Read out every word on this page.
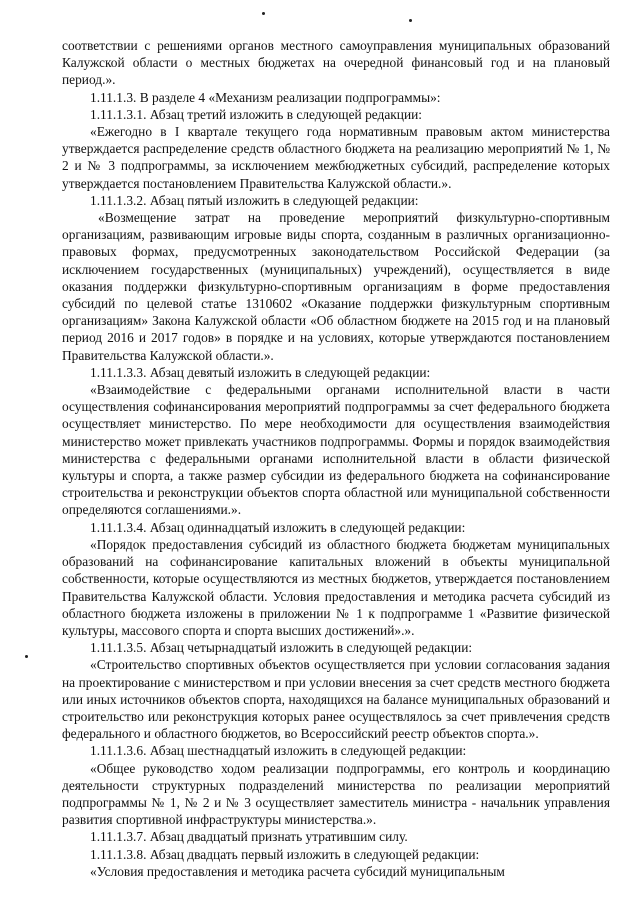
соответствии с решениями органов местного самоуправления муниципальных образований Калужской области о местных бюджетах на очередной финансовый год и на плановый период.».

1.11.1.3. В разделе 4 «Механизм реализации подпрограммы»:

1.11.1.3.1. Абзац третий изложить в следующей редакции:

«Ежегодно в I квартале текущего года нормативным правовым актом министерства утверждается распределение средств областного бюджета на реализацию мероприятий № 1, № 2 и № 3 подпрограммы, за исключением межбюджетных субсидий, распределение которых утверждается постановлением Правительства Калужской области.».

1.11.1.3.2. Абзац пятый изложить в следующей редакции:

«Возмещение затрат на проведение мероприятий физкультурно-спортивным организациям, развивающим игровые виды спорта, созданным в различных организационно-правовых формах, предусмотренных законодательством Российской Федерации (за исключением государственных (муниципальных) учреждений), осуществляется в виде оказания поддержки физкультурно-спортивным организациям в форме предоставления субсидий по целевой статье 1310602 «Оказание поддержки физкультурным спортивным организациям» Закона Калужской области «Об областном бюджете на 2015 год и на плановый период 2016 и 2017 годов» в порядке и на условиях, которые утверждаются постановлением Правительства Калужской области.».

1.11.1.3.3. Абзац девятый изложить в следующей редакции:

«Взаимодействие с федеральными органами исполнительной власти в части осуществления софинансирования мероприятий подпрограммы за счет федерального бюджета осуществляет министерство. По мере необходимости для осуществления взаимодействия министерство может привлекать участников подпрограммы. Формы и порядок взаимодействия министерства с федеральными органами исполнительной власти в области физической культуры и спорта, а также размер субсидии из федерального бюджета на софинансирование строительства и реконструкции объектов спорта областной или муниципальной собственности определяются соглашениями.».

1.11.1.3.4. Абзац одиннадцатый изложить в следующей редакции:

«Порядок предоставления субсидий из областного бюджета бюджетам муниципальных образований на софинансирование капитальных вложений в объекты муниципальной собственности, которые осуществляются из местных бюджетов, утверждается постановлением Правительства Калужской области. Условия предоставления и методика расчета субсидий из областного бюджета изложены в приложении № 1 к подпрограмме 1 «Развитие физической культуры, массового спорта и спорта высших достижений».».

1.11.1.3.5. Абзац четырнадцатый изложить в следующей редакции:

«Строительство спортивных объектов осуществляется при условии согласования задания на проектирование с министерством и при условии внесения за счет средств местного бюджета или иных источников объектов спорта, находящихся на балансе муниципальных образований и строительство или реконструкция которых ранее осуществлялось за счет привлечения средств федерального и областного бюджетов, во Всероссийский реестр объектов спорта.».

1.11.1.3.6. Абзац шестнадцатый изложить в следующей редакции:

«Общее руководство ходом реализации подпрограммы, его контроль и координацию деятельности структурных подразделений министерства по реализации мероприятий подпрограммы № 1, № 2 и № 3 осуществляет заместитель министра - начальник управления развития спортивной инфраструктуры министерства.».

1.11.1.3.7. Абзац двадцатый признать утратившим силу.

1.11.1.3.8. Абзац двадцать первый изложить в следующей редакции:

«Условия предоставления и методика расчета субсидий муниципальным
